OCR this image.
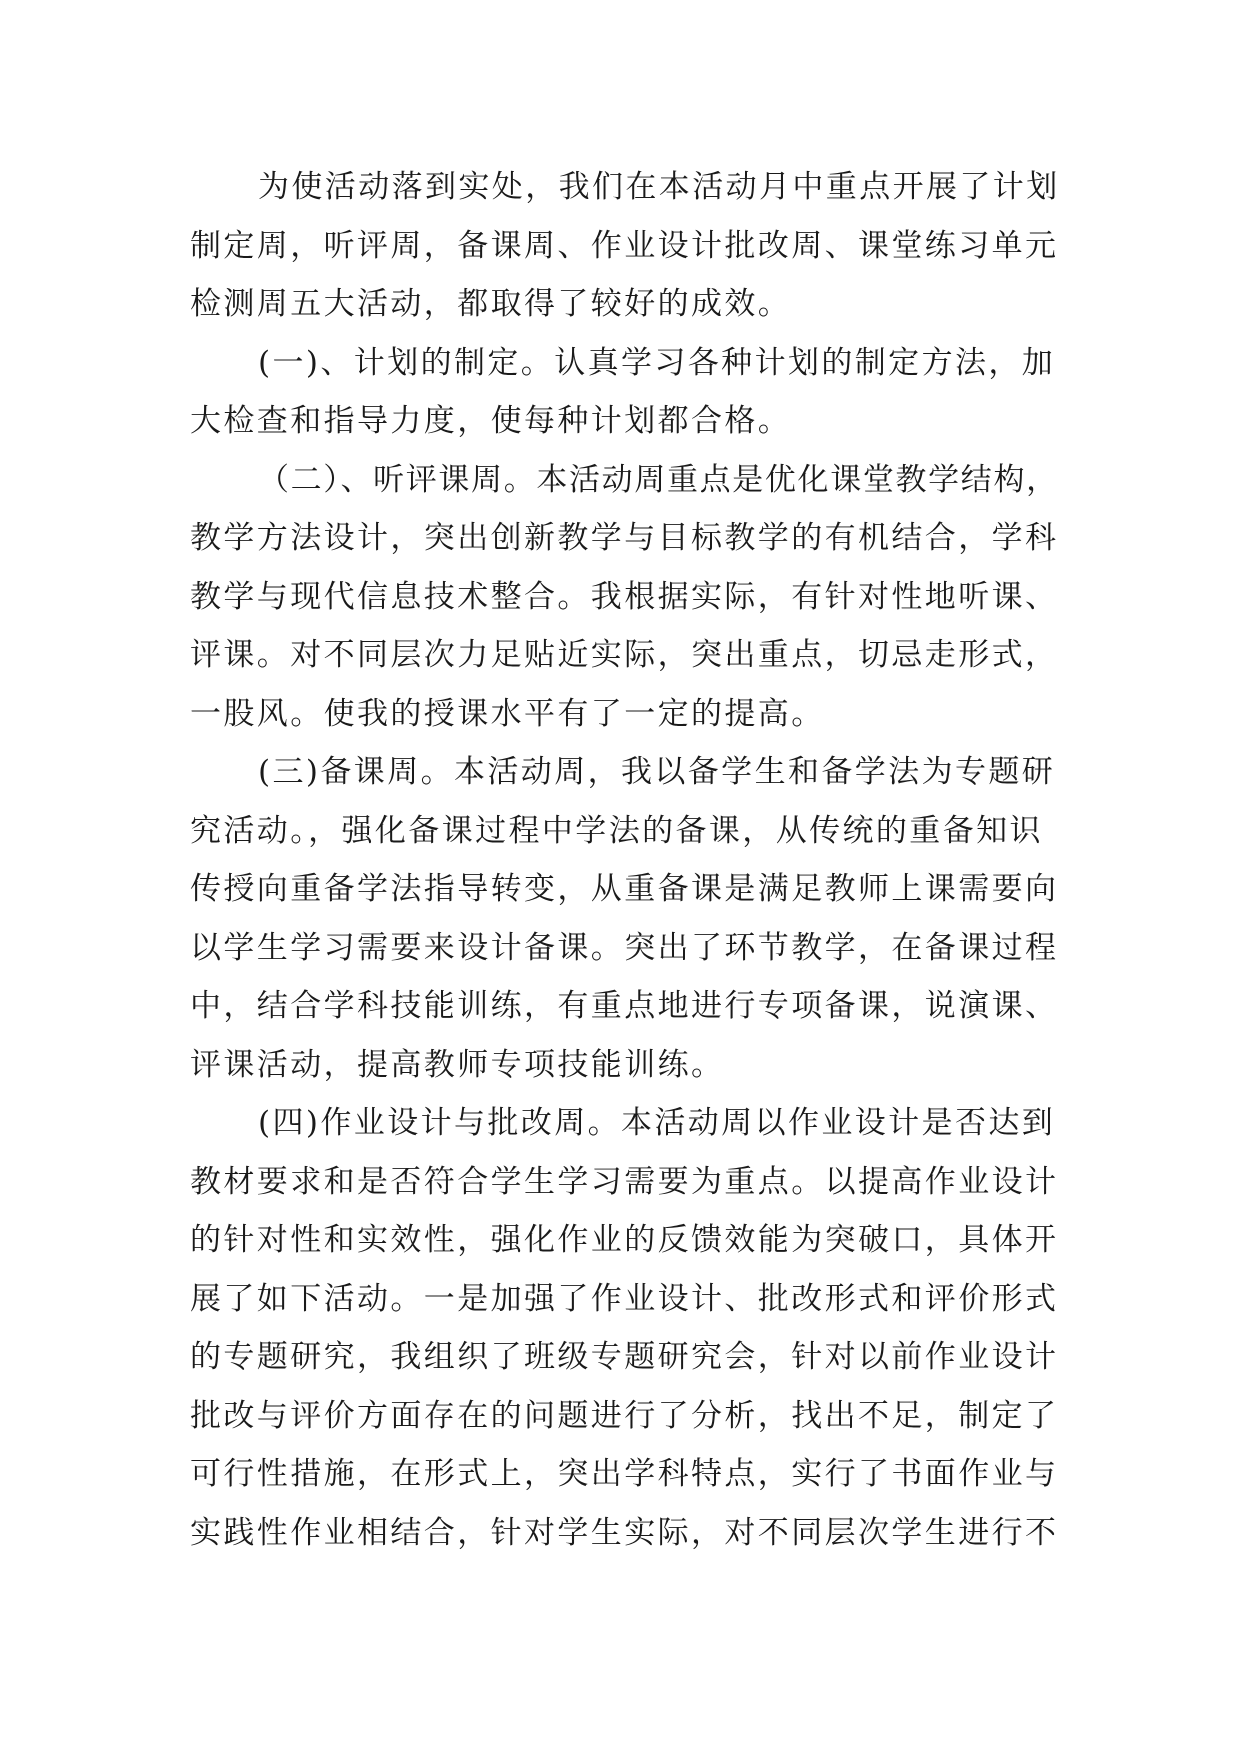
为使活动落到实处，我们在本活动月中重点开展了计划
制定周，听评周，备课周、作业设计批改周、课堂练习单元
检测周五大活动，都取得了较好的成效。
(一)、计划的制定。认真学习各种计划的制定方法，加
大检查和指导力度，使每种计划都合格。
（二）、听评课周。本活动周重点是优化课堂教学结构，
教学方法设计，突出创新教学与目标教学的有机结合，学科
教学与现代信息技术整合。我根据实际，有针对性地听课、
评课。对不同层次力足贴近实际，突出重点，切忌走形式，
一股风。使我的授课水平有了一定的提高。
(三)备课周。本活动周，我以备学生和备学法为专题研
究活动。，强化备课过程中学法的备课，从传统的重备知识
传授向重备学法指导转变，从重备课是满足教师上课需要向
以学生学习需要来设计备课。突出了环节教学，在备课过程
中，结合学科技能训练，有重点地进行专项备课，说演课、
评课活动，提高教师专项技能训练。
(四)作业设计与批改周。本活动周以作业设计是否达到
教材要求和是否符合学生学习需要为重点。以提高作业设计
的针对性和实效性，强化作业的反馈效能为突破口，具体开
展了如下活动。一是加强了作业设计、批改形式和评价形式
的专题研究，我组织了班级专题研究会，针对以前作业设计
批改与评价方面存在的问题进行了分析，找出不足，制定了
可行性措施，在形式上，突出学科特点，实行了书面作业与
实践性作业相结合，针对学生实际，对不同层次学生进行不
